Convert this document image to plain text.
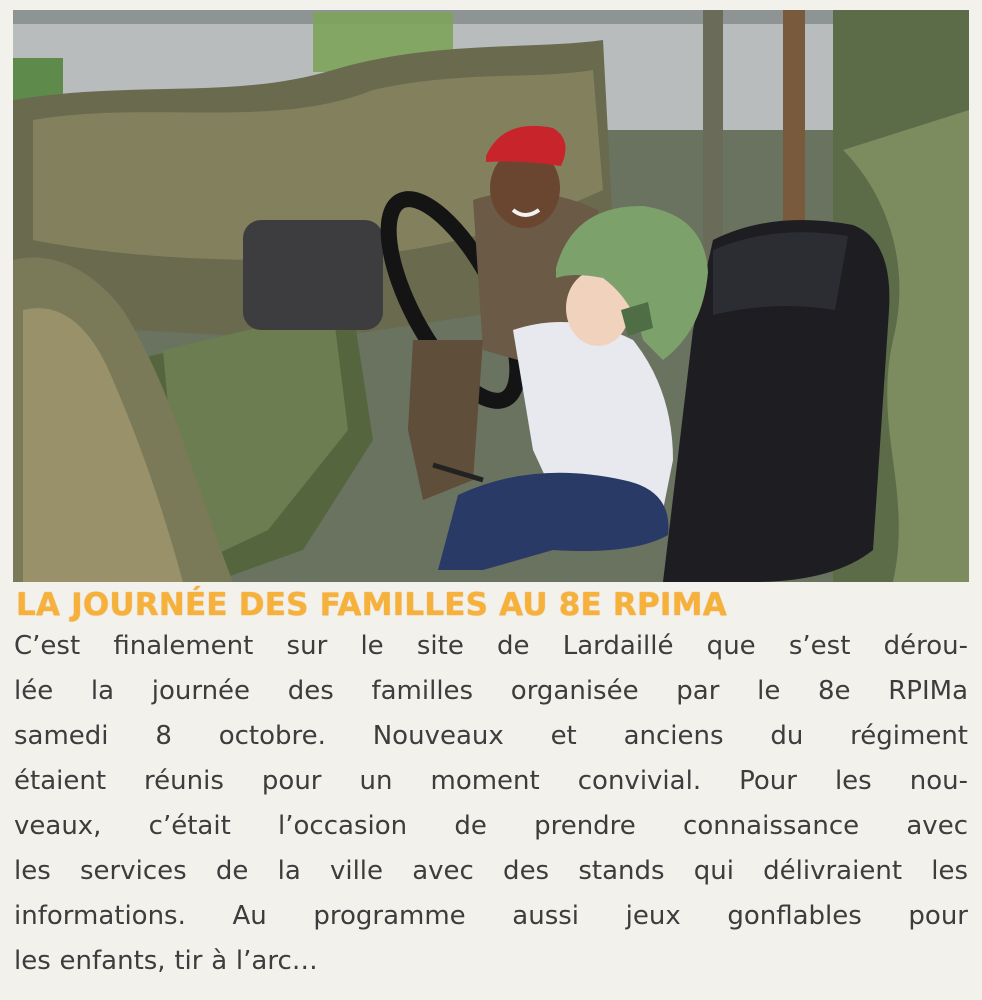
LA JOURNÉE DES FAMILLES AU 8E RPIMA

C’est finalement sur le site de Lardaillé que s’est dérou-
lée la journée des familles organisée par le 8e RPIMa
samedi 8 octobre. Nouveaux et anciens du régiment
étaient réunis pour un moment convivial. Pour les nou-
veaux, c’était l’occasion de prendre connaissance avec
les services de la ville avec des stands qui délivraient les
informations. Au programme aussi jeux gonflables pour
les enfants, tir à l’arc…
